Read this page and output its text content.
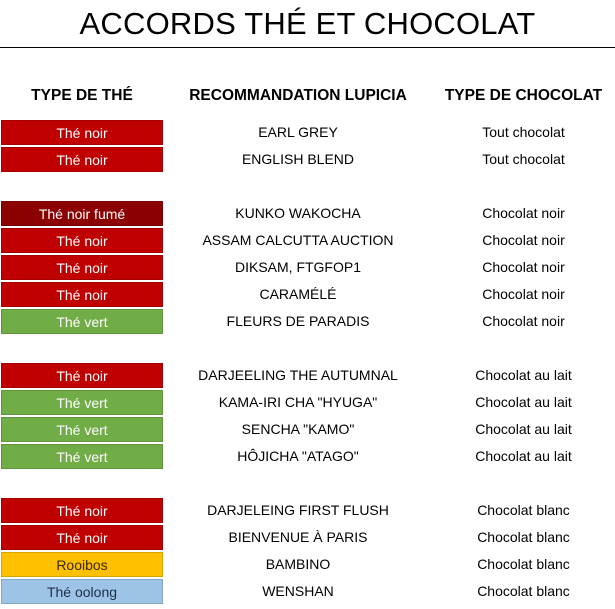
ACCORDS THÉ ET CHOCOLAT
TYPE DE THÉ	RECOMMANDATION LUPICIA	TYPE DE CHOCOLAT
Thé noir	EARL GREY	Tout chocolat
Thé noir	ENGLISH BLEND	Tout chocolat
Thé noir fumé	KUNKO WAKOCHA	Chocolat noir
Thé noir	ASSAM CALCUTTA AUCTION	Chocolat noir
Thé noir	DIKSAM, FTGFOP1	Chocolat noir
Thé noir	CARAMÉLÉ	Chocolat noir
Thé vert	FLEURS DE PARADIS	Chocolat noir
Thé noir	DARJEELING THE AUTUMNAL	Chocolat au lait
Thé vert	KAMA-IRI CHA "HYUGA"	Chocolat au lait
Thé vert	SENCHA "KAMO"	Chocolat au lait
Thé vert	HÔJICHA "ATAGO"	Chocolat au lait
Thé noir	DARJELEING FIRST FLUSH	Chocolat blanc
Thé noir	BIENVENUE À PARIS	Chocolat blanc
Rooibos	BAMBINO	Chocolat blanc
Thé oolong	WENSHAN	Chocolat blanc
